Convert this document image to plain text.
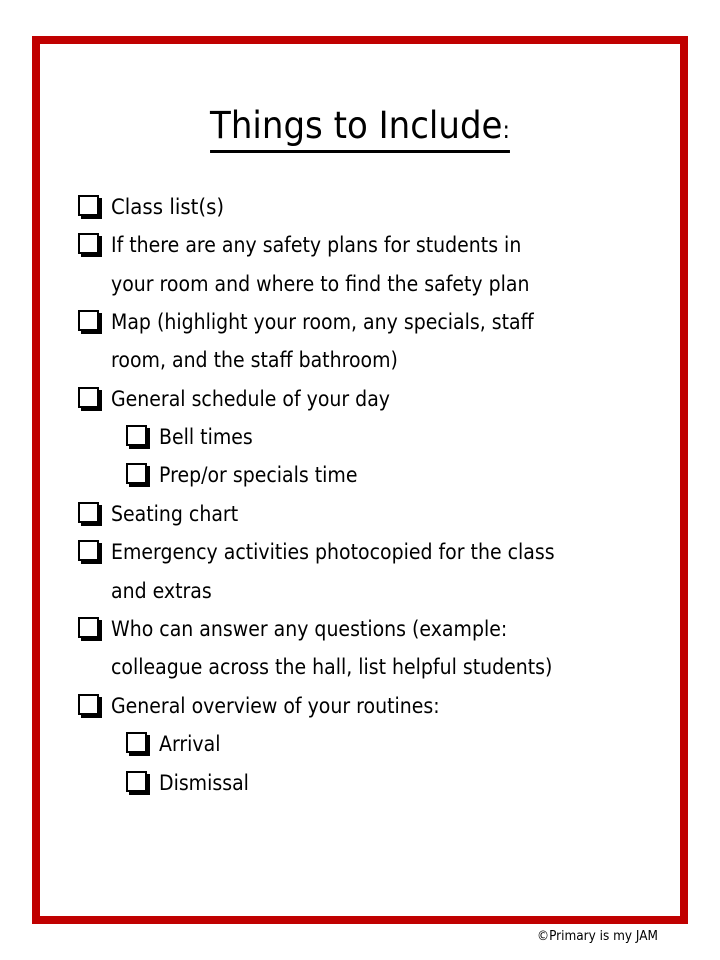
Things to Include:
Class list(s)
If there are any safety plans for students in
your room and where to find the safety plan
Map (highlight your room, any specials, staff
room, and the staff bathroom)
General schedule of your day
Bell times
Prep/or specials time
Seating chart
Emergency activities photocopied for the class
and extras
Who can answer any questions (example:
colleague across the hall, list helpful students)
General overview of your routines:
Arrival
Dismissal
©Primary is my JAM
